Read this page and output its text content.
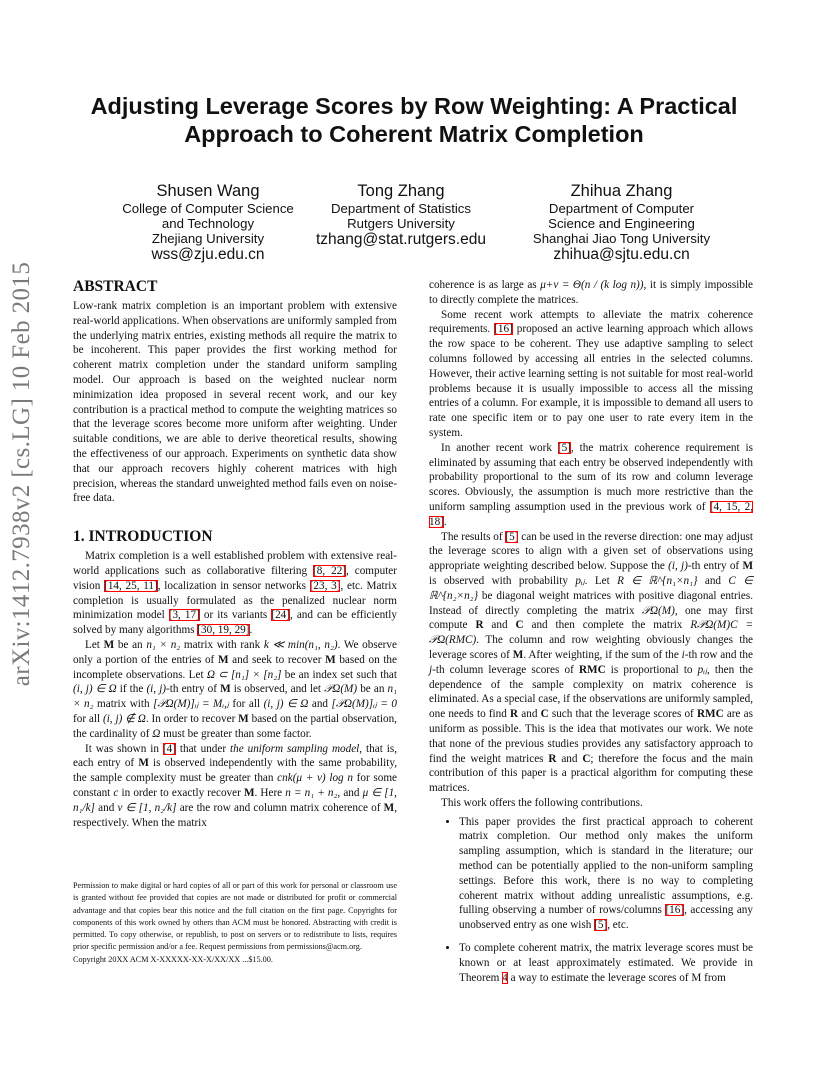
arXiv:1412.7938v2 [cs.LG] 10 Feb 2015
Adjusting Leverage Scores by Row Weighting: A Practical
Approach to Coherent Matrix Completion
Shusen Wang
College of Computer Science
and Technology
Zhejiang University
wss@zju.edu.cn
Tong Zhang
Department of Statistics
Rutgers University
tzhang@stat.rutgers.edu
Zhihua Zhang
Department of Computer
Science and Engineering
Shanghai Jiao Tong University
zhihua@sjtu.edu.cn
ABSTRACT

Low-rank matrix completion is an important problem with extensive real-world applications. When observations are uniformly sampled from the underlying matrix entries, existing methods all require the matrix to be incoherent. This paper provides the first working method for coherent matrix completion under the standard uniform sampling model. Our approach is based on the weighted nuclear norm minimization idea proposed in several recent work, and our key contribution is a practical method to compute the weighting matrices so that the leverage scores become more uniform after weighting. Under suitable conditions, we are able to derive theoretical results, showing the effectiveness of our approach. Experiments on synthetic data show that our approach recovers highly coherent matrices with high precision, whereas the standard unweighted method fails even on noise-free data.

1. INTRODUCTION

Matrix completion is a well established problem with extensive real-world applications such as collaborative filtering [8, 22], computer vision [14, 25, 11], localization in sensor networks [23, 3], etc. Matrix completion is usually formulated as the penalized nuclear norm minimization model [3, 17] or its variants [24], and can be efficiently solved by many algorithms [30, 19, 29].

Let M be an n₁ × n₂ matrix with rank k ≪ min(n₁, n₂). We observe only a portion of the entries of M and seek to recover M based on the incomplete observations. Let Ω ⊂ [n₁] × [n₂] be an index set such that (i, j) ∈ Ω if the (i, j)-th entry of M is observed, and let 𝒫Ω(M) be an n₁ × n₂ matrix with [𝒫Ω(M)]ᵢⱼ = Mᵢ,ⱼ for all (i, j) ∈ Ω and [𝒫Ω(M)]ᵢⱼ = 0 for all (i, j) ∉ Ω. In order to recover M based on the partial observation, the cardinality of Ω must be greater than some factor.

It was shown in [4] that under the uniform sampling model, that is, each entry of M is observed independently with the same probability, the sample complexity must be greater than cnk(μ + ν) log n for some constant c in order to exactly recover M. Here n = n₁ + n₂, and μ ∈ [1, n₁/k] and ν ∈ [1, n₂/k] are the row and column matrix coherence of M, respectively. When the matrix

coherence is as large as μ+ν = Θ(n / (k log n)), it is simply impossible to directly complete the matrices.

Some recent work attempts to alleviate the matrix coherence requirements. [16] proposed an active learning approach which allows the row space to be coherent. They use adaptive sampling to select columns followed by accessing all entries in the selected columns. However, their active learning setting is not suitable for most real-world problems because it is usually impossible to access all the missing entries of a column. For example, it is impossible to demand all users to rate one specific item or to pay one user to rate every item in the system.

In another recent work [5], the matrix coherence requirement is eliminated by assuming that each entry be observed independently with probability proportional to the sum of its row and column leverage scores. Obviously, the assumption is much more restrictive than the uniform sampling assumption used in the previous work of [4, 15, 2, 18].

The results of [5] can be used in the reverse direction: one may adjust the leverage scores to align with a given set of observations using appropriate weighting described below. Suppose the (i, j)-th entry of M is observed with probability pᵢⱼ. Let R ∈ ℝ^{n₁×n₁} and C ∈ ℝ^{n₂×n₂} be diagonal weight matrices with positive diagonal entries. Instead of directly completing the matrix 𝒫Ω(M), one may first compute R and C and then complete the matrix R𝒫Ω(M)C = 𝒫Ω(RMC). The column and row weighting obviously changes the leverage scores of M. After weighting, if the sum of the i-th row and the j-th column leverage scores of RMC is proportional to pᵢⱼ, then the dependence of the sample complexity on matrix coherence is eliminated. As a special case, if the observations are uniformly sampled, one needs to find R and C such that the leverage scores of RMC are as uniform as possible. This is the idea that motivates our work. We note that none of the previous studies provides any satisfactory approach to find the weight matrices R and C; therefore the focus and the main contribution of this paper is a practical algorithm for computing these matrices.

This work offers the following contributions.

• This paper provides the first practical approach to coherent matrix completion. Our method only makes the uniform sampling assumption, which is standard in the literature; our method can be potentially applied to the non-uniform sampling settings. Before this work, there is no way to completing coherent matrix without adding unrealistic assumptions, e.g. fulling observing a number of rows/columns [16], accessing any unobserved entry as one wish [5], etc.
• To complete coherent matrix, the matrix leverage scores must be known or at least approximately estimated. We provide in Theorem 4 a way to estimate the leverage scores of M from
Permission to make digital or hard copies of all or part of this work for personal or classroom use is granted without fee provided that copies are not made or distributed for profit or commercial advantage and that copies bear this notice and the full citation on the first page. Copyrights for components of this work owned by others than ACM must be honored. Abstracting with credit is permitted. To copy otherwise, or republish, to post on servers or to redistribute to lists, requires prior specific permission and/or a fee. Request permissions from permissions@acm.org.
Copyright 20XX ACM X-XXXXX-XX-X/XX/XX ...$15.00.
